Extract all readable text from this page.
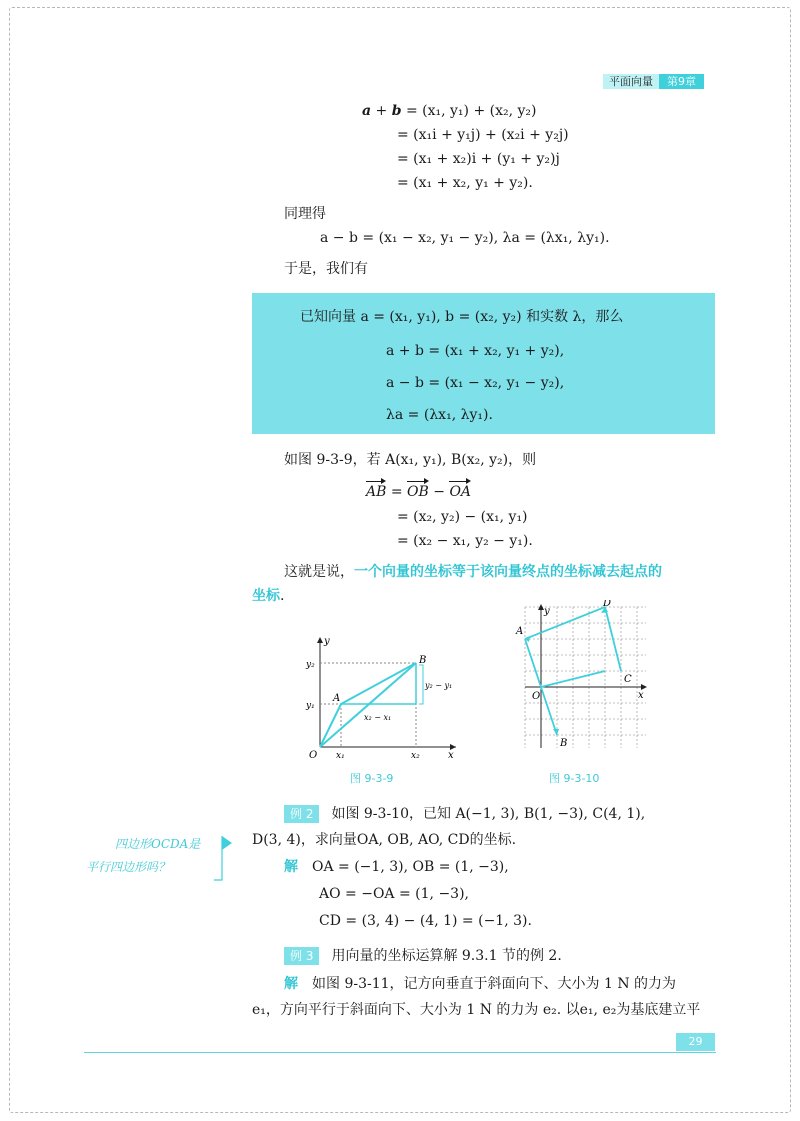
平面向量	第9章
a + b = (x₁, y₁) + (x₂, y₂)
= (x₁i + y₁j) + (x₂i + y₂j)
= (x₁ + x₂)i + (y₁ + y₂)j
= (x₁ + x₂, y₁ + y₂).
同理得
a − b = (x₁ − x₂, y₁ − y₂), λa = (λx₁, λy₁).
于是，我们有
已知向量 a = (x₁, y₁), b = (x₂, y₂) 和实数 λ，那么
a + b = (x₁ + x₂, y₁ + y₂),
a − b = (x₁ − x₂, y₁ − y₂),
λa = (λx₁, λy₁).
如图 9-3-9，若 A(x₁, y₁), B(x₂, y₂)，则
AB = OB − OA
= (x₂, y₂) − (x₁, y₁)
= (x₂ − x₁, y₂ − y₁).
这就是说，一个向量的坐标等于该向量终点的坐标减去起点的
坐标.
y
x
O
A
B
y₂
y₁
x₁	x₂
x₂ − x₁
y₂ − y₁
图 9-3-9
y
x
O
A
B
C
D
图 9-3-10
例 2 如图 9-3-10，已知 A(−1, 3), B(1, −3), C(4, 1),
D(3, 4)，求向量OA, OB, AO, CD的坐标.
解 OA = (−1, 3), OB = (1, −3),
AO = −OA = (1, −3),
CD = (3, 4) − (4, 1) = (−1, 3).
四边形OCDA是
平行四边形吗？
例 3 用向量的坐标运算解 9.3.1 节的例 2.
解 如图 9-3-11，记方向垂直于斜面向下、大小为 1 N 的力为
e₁，方向平行于斜面向下、大小为 1 N 的力为 e₂. 以e₁, e₂为基底建立平
29
